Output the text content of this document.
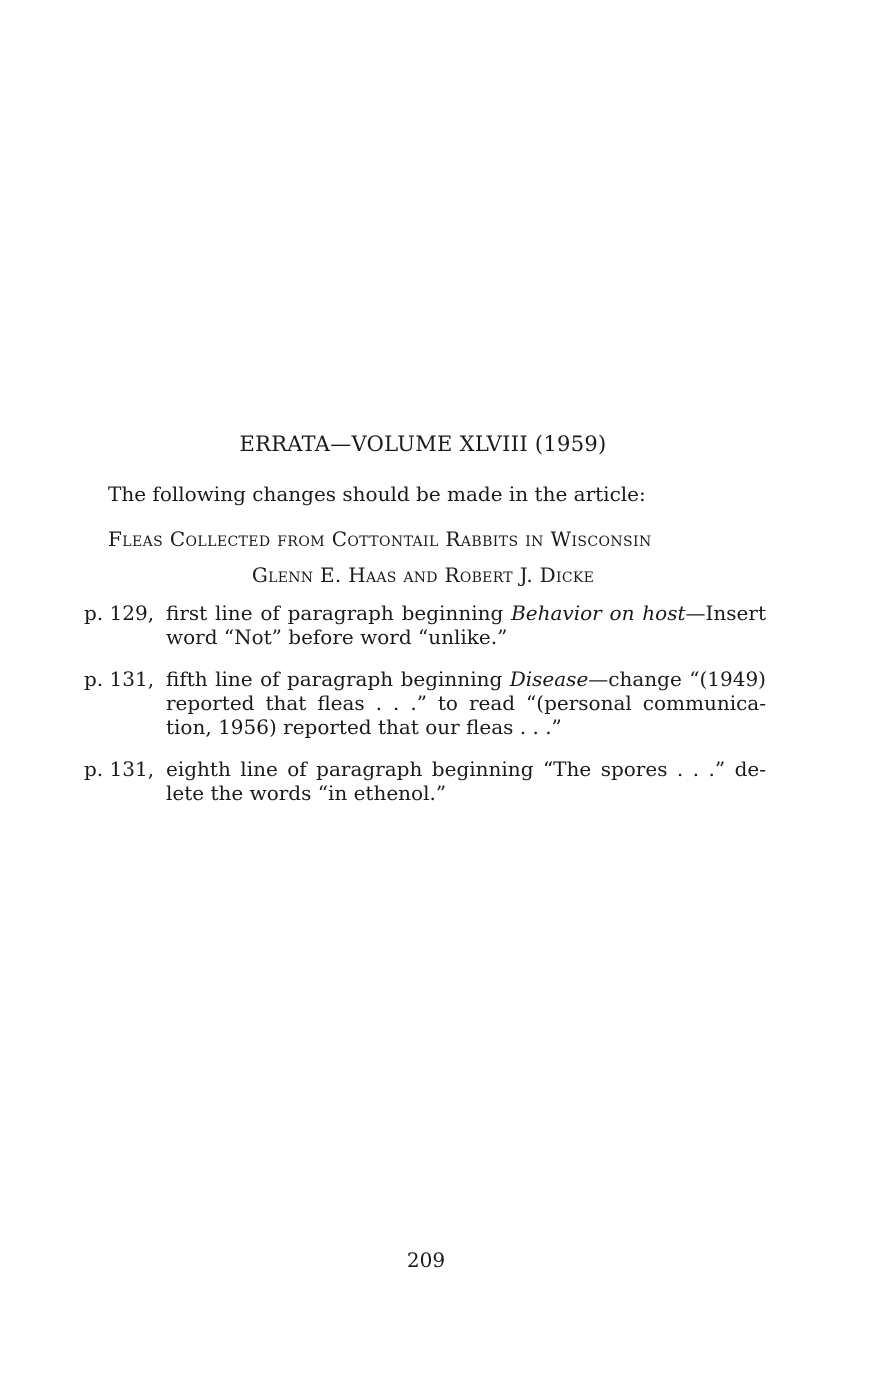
ERRATA—VOLUME XLVIII (1959)
The following changes should be made in the article:
Fleas Collected from Cottontail Rabbits in Wisconsin
Glenn E. Haas and Robert J. Dicke
p. 129, first line of paragraph beginning Behavior on host—Insert
word “Not” before word “unlike.”
p. 131, fifth line of paragraph beginning Disease—change “(1949)
reported that fleas . . .” to read “(personal communica-
tion, 1956) reported that our fleas . . .”
p. 131, eighth line of paragraph beginning “The spores . . .” de-
lete the words “in ethenol.”
209
